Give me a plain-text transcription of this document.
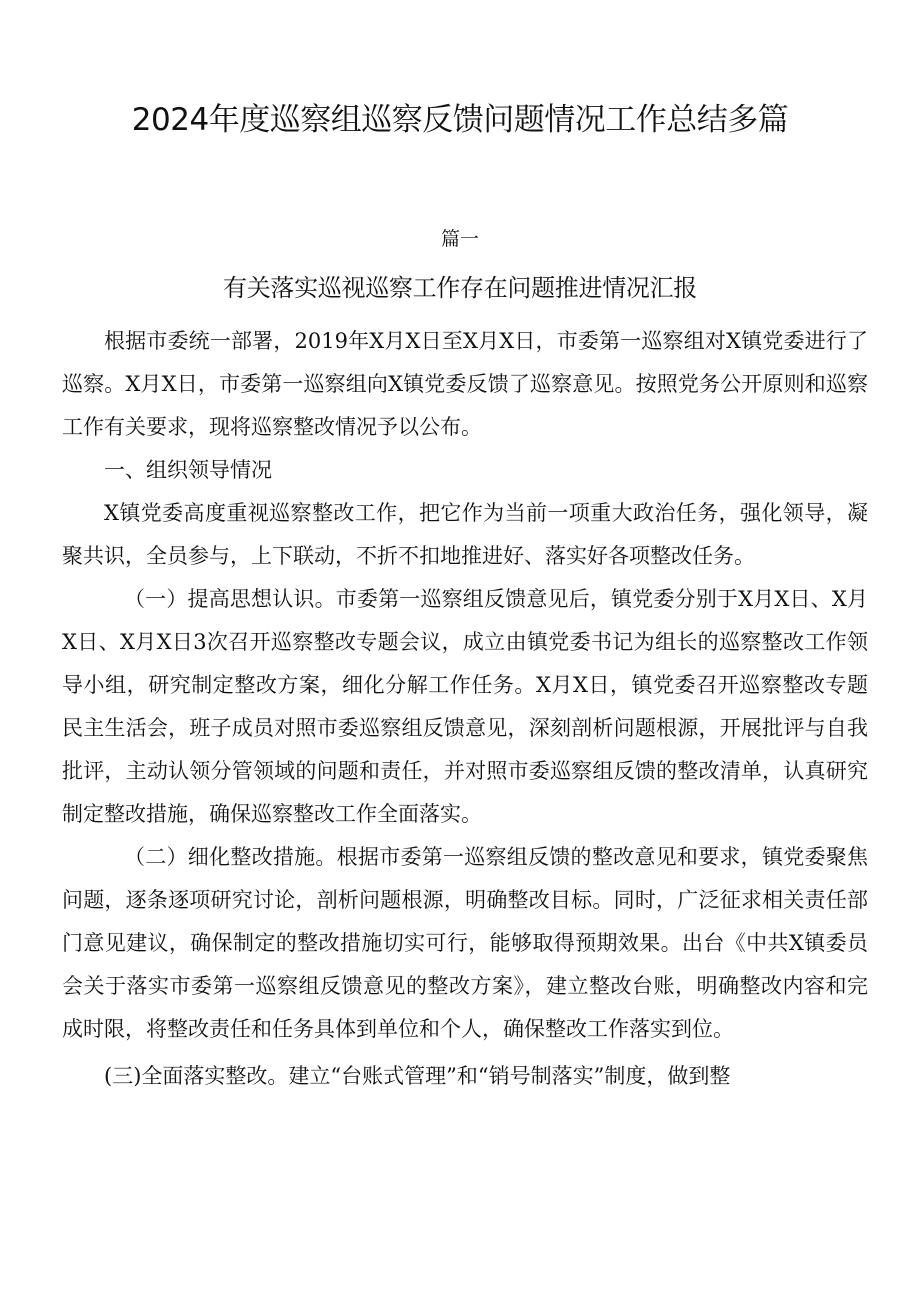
2024年度巡察组巡察反馈问题情况工作总结多篇
篇一
有关落实巡视巡察工作存在问题推进情况汇报

根据市委统一部署，2019年X月X日至X月X日，市委第一巡察组对X镇党委进行了巡察。X月X日，市委第一巡察组向X镇党委反馈了巡察意见。按照党务公开原则和巡察工作有关要求，现将巡察整改情况予以公布。

一、组织领导情况

X镇党委高度重视巡察整改工作，把它作为当前一项重大政治任务，强化领导，凝聚共识，全员参与，上下联动，不折不扣地推进好、落实好各项整改任务。

（一）提高思想认识。市委第一巡察组反馈意见后，镇党委分别于X月X日、X月X日、X月X日3次召开巡察整改专题会议，成立由镇党委书记为组长的巡察整改工作领导小组，研究制定整改方案，细化分解工作任务。X月X日，镇党委召开巡察整改专题民主生活会，班子成员对照市委巡察组反馈意见，深刻剖析问题根源，开展批评与自我批评，主动认领分管领域的问题和责任，并对照市委巡察组反馈的整改清单，认真研究制定整改措施，确保巡察整改工作全面落实。

（二）细化整改措施。根据市委第一巡察组反馈的整改意见和要求，镇党委聚焦问题，逐条逐项研究讨论，剖析问题根源，明确整改目标。同时，广泛征求相关责任部门意见建议，确保制定的整改措施切实可行，能够取得预期效果。出台《中共X镇委员会关于落实市委第一巡察组反馈意见的整改方案》，建立整改台账，明确整改内容和完成时限，将整改责任和任务具体到单位和个人，确保整改工作落实到位。

(三)全面落实整改。建立“台账式管理”和“销号制落实”制度，做到整
